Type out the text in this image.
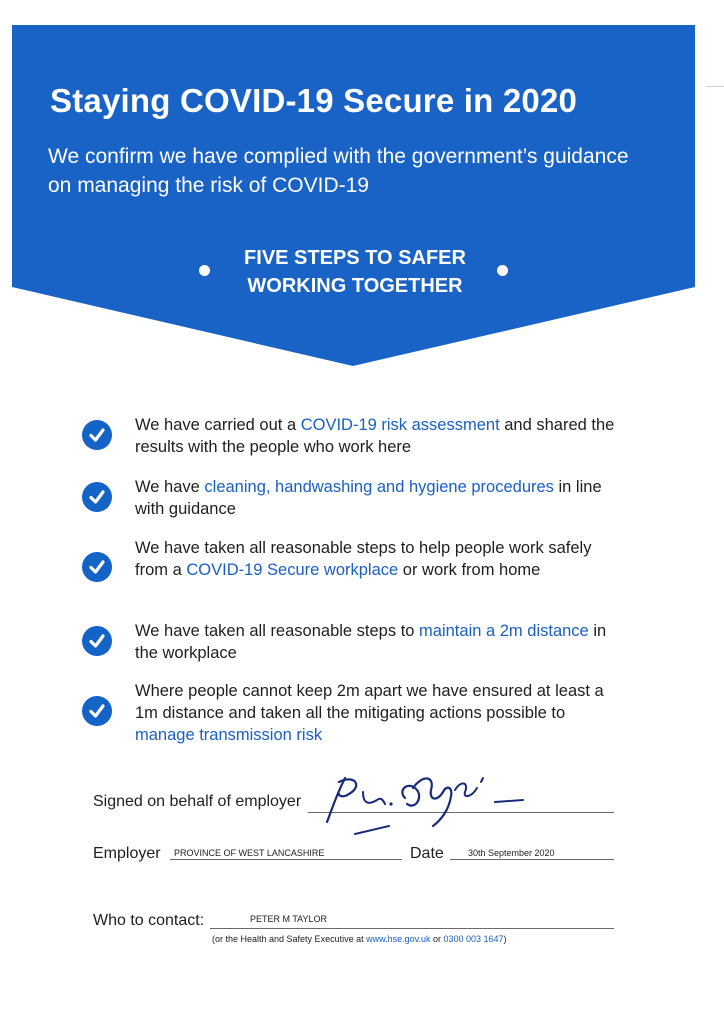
Staying COVID-19 Secure in 2020

We confirm we have complied with the government’s guidance on managing the risk of COVID-19

FIVE STEPS TO SAFER
WORKING TOGETHER
We have carried out a COVID-19 risk assessment and shared the results with the people who work here
We have cleaning, handwashing and hygiene procedures in line with guidance
We have taken all reasonable steps to help people work safely from a COVID-19 Secure workplace or work from home
We have taken all reasonable steps to maintain a 2m distance in the workplace
Where people cannot keep 2m apart we have ensured at least a 1m distance and taken all the mitigating actions possible to manage transmission risk
Signed on behalf of employer
Employer PROVINCE OF WEST LANCASHIRE	Date	30th September 2020
Who to contact:	PETER M TAYLOR
(or the Health and Safety Executive at www.hse.gov.uk or 0300 003 1647)
